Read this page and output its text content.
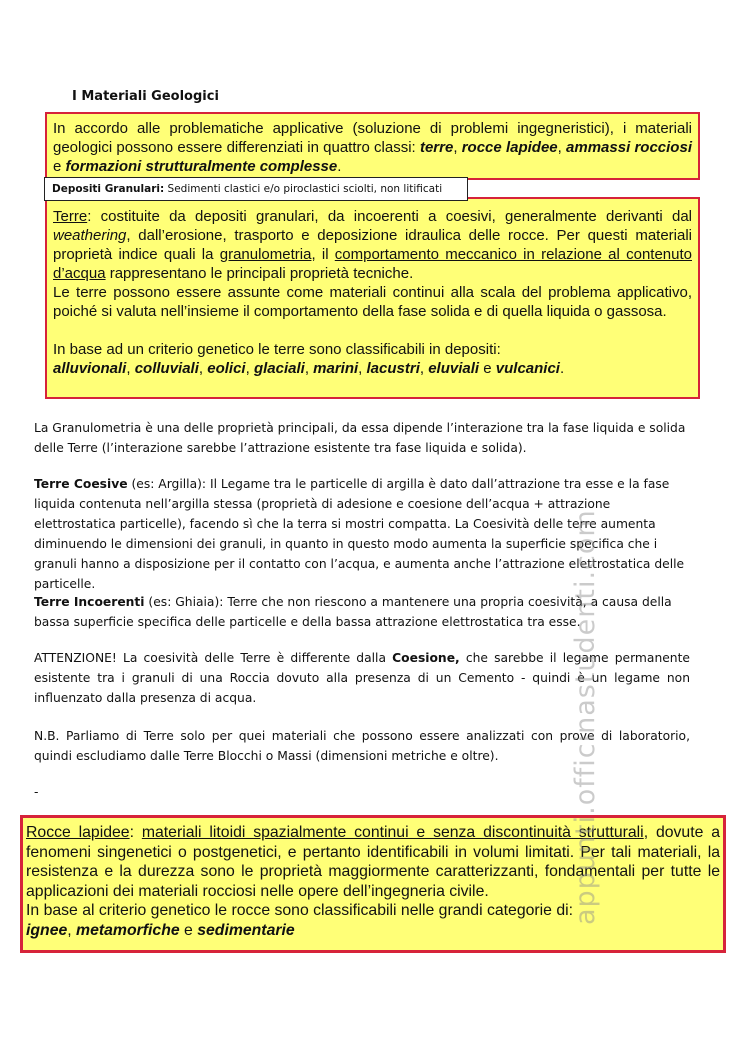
I Materiali Geologici
In accordo alle problematiche applicative (soluzione di problemi ingegneristici), i materiali geologici possono essere differenziati in quattro classi: terre, rocce lapidee, ammassi rocciosi e formazioni strutturalmente complesse.
Terre: costituite da depositi granulari, da incoerenti a coesivi, generalmente derivanti dal weathering, dall’erosione, trasporto e deposizione idraulica delle rocce. Per questi materiali proprietà indice quali la granulometria, il comportamento meccanico in relazione al contenuto d’acqua rappresentano le principali proprietà tecniche.
Le terre possono essere assunte come materiali continui alla scala del problema applicativo, poiché si valuta nell’insieme il comportamento della fase solida e di quella liquida o gassosa.
In base ad un criterio genetico le terre sono classificabili in depositi:
alluvionali, colluviali, eolici, glaciali, marini, lacustri, eluviali e vulcanici.
Depositi Granulari: Sedimenti clastici e/o piroclastici sciolti, non litificati
La Granulometria è una delle proprietà principali, da essa dipende l’interazione tra la fase liquida e solida delle Terre (l’interazione sarebbe l’attrazione esistente tra fase liquida e solida).
Terre Coesive (es: Argilla): Il Legame tra le particelle di argilla è dato dall’attrazione tra esse e la fase liquida contenuta nell’argilla stessa (proprietà di adesione e coesione dell’acqua + attrazione elettrostatica particelle), facendo sì che la terra si mostri compatta. La Coesività delle terre aumenta diminuendo le dimensioni dei granuli, in quanto in questo modo aumenta la superficie specifica che i granuli hanno a disposizione per il contatto con l’acqua, e aumenta anche l’attrazione elettrostatica delle particelle.
Terre Incoerenti (es: Ghiaia): Terre che non riescono a mantenere una propria coesività, a causa della bassa superficie specifica delle particelle e della bassa attrazione elettrostatica tra esse.
ATTENZIONE! La coesività delle Terre è differente dalla Coesione, che sarebbe il legame permanente esistente tra i granuli di una Roccia dovuto alla presenza di un Cemento - quindi è un legame non influenzato dalla presenza di acqua.
N.B. Parliamo di Terre solo per quei materiali che possono essere analizzati con prove di laboratorio, quindi escludiamo dalle Terre Blocchi o Massi (dimensioni metriche e oltre).
-
Rocce lapidee: materiali litoidi spazialmente continui e senza discontinuità strutturali, dovute a fenomeni singenetici o postgenetici, e pertanto identificabili in volumi limitati. Per tali materiali, la resistenza e la durezza sono le proprietà maggiormente caratterizzanti, fondamentali per tutte le applicazioni dei materiali rocciosi nelle opere dell’ingegneria civile.
In base al criterio genetico le rocce sono classificabili nelle grandi categorie di:
ignee, metamorfiche e sedimentarie
appunti.officinastudenti.com
